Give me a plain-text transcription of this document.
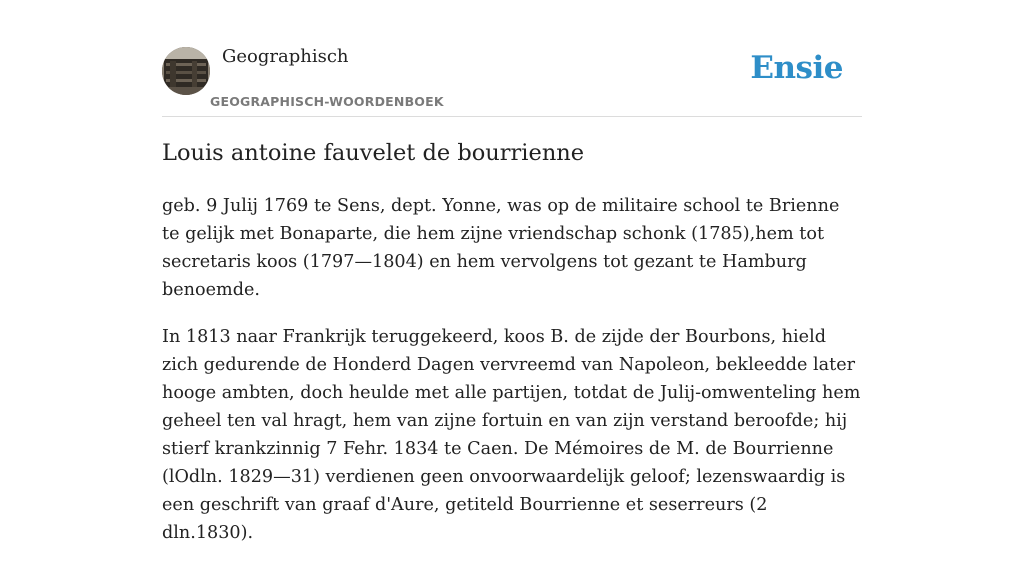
Geographisch
GEOGRAPHISCH-WOORDENBOEK
Ensie
Louis antoine fauvelet de bourrienne

geb. 9 Julij 1769 te Sens, dept. Yonne, was op de militaire school te Brienne te gelijk met Bonaparte, die hem zijne vriendschap schonk (1785),hem tot secretaris koos (1797—1804) en hem vervolgens tot gezant te Hamburg benoemde.

In 1813 naar Frankrijk teruggekeerd, koos B. de zijde der Bourbons, hield zich gedurende de Honderd Dagen vervreemd van Napoleon, bekleedde later hooge ambten, doch heulde met alle partijen, totdat de Julij-omwenteling hem geheel ten val hragt, hem van zijne fortuin en van zijn verstand beroofde; hij stierf krankzinnig 7 Fehr. 1834 te Caen. De Mémoires de M. de Bourrienne (lOdln. 1829—31) verdienen geen onvoorwaardelijk geloof; lezenswaardig is een geschrift van graaf d'Aure, getiteld Bourrienne et seserreurs (2 dln.1830).
